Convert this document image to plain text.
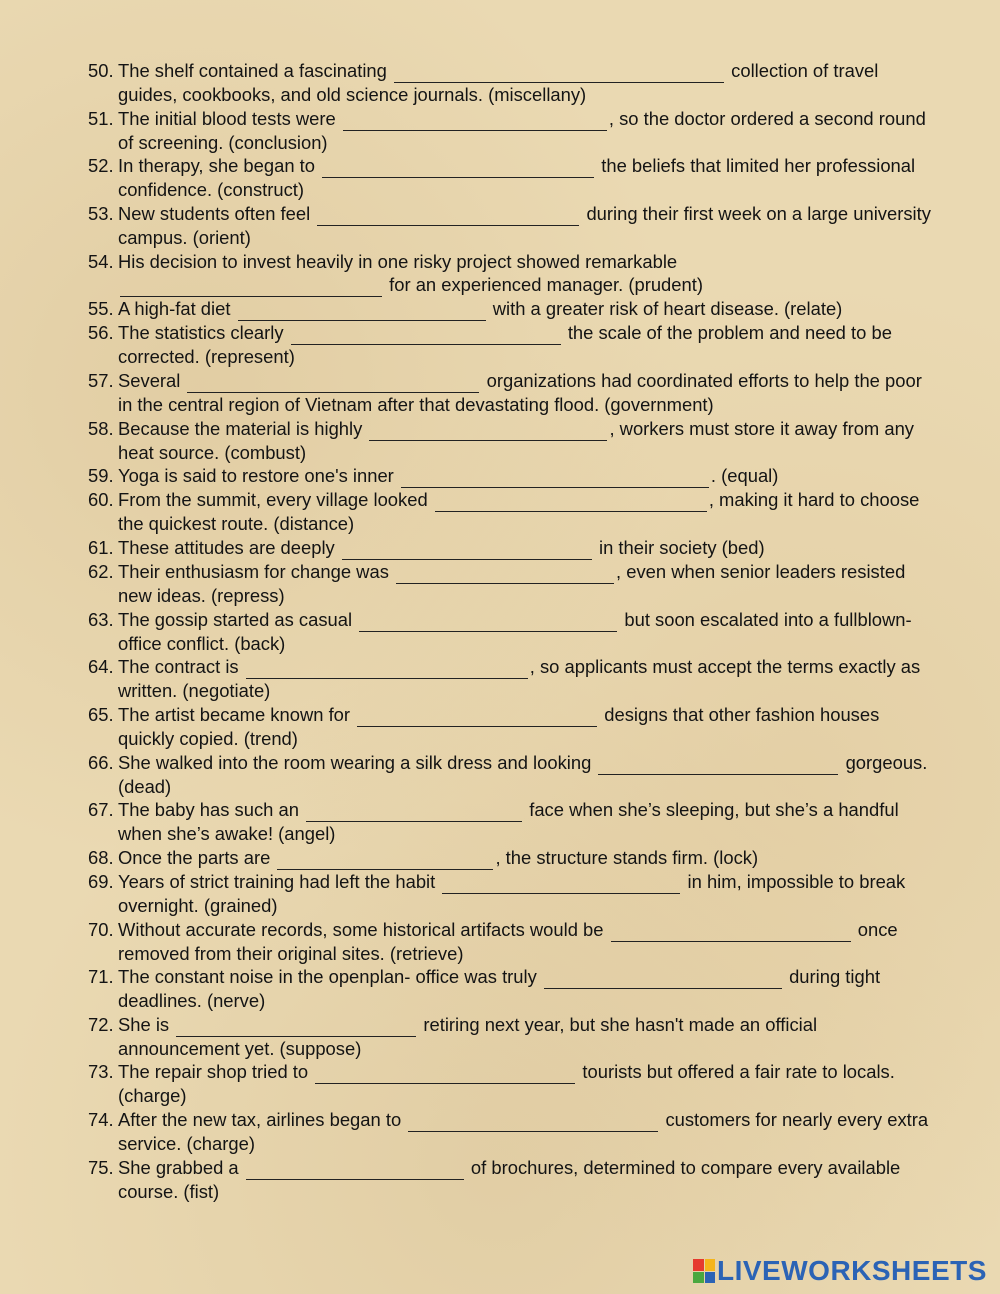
50. The shelf contained a fascinating	collection of travel guides, cookbooks, and old science journals. (miscellany)
51. The initial blood tests were	, so the doctor ordered a second round of screening. (conclusion)
52. In therapy, she began to	the beliefs that limited her professional confidence. (construct)
53. New students often feel	during their first week on a large university campus. (orient)
54. His decision to invest heavily in one risky project showed remarkable  for an experienced manager. (prudent)
55. A high-fat diet	with a greater risk of heart disease. (relate)
56. The statistics clearly	the scale of the problem and need to be corrected. (represent)
57. Several	organizations had coordinated efforts to help the poor in the central region of Vietnam after that devastating flood. (government)
58. Because the material is highly	, workers must store it away from any heat source. (combust)
59. Yoga is said to restore one's inner	. (equal)
60. From the summit, every village looked	, making it hard to choose the quickest route. (distance)
61. These attitudes are deeply	in their society (bed)
62. Their enthusiasm for change was	, even when senior leaders resisted new ideas. (repress)
63. The gossip started as casual	but soon escalated into a fullblown- office conflict. (back)
64. The contract is	, so applicants must accept the terms exactly as written. (negotiate)
65. The artist became known for	designs that other fashion houses quickly copied. (trend)
66. She walked into the room wearing a silk dress and looking	gorgeous. (dead)
67. The baby has such an	face when she’s sleeping, but she’s a handful when she’s awake! (angel)
68. Once the parts are	, the structure stands firm. (lock)
69. Years of strict training had left the habit	in him, impossible to break overnight. (grained)
70. Without accurate records, some historical artifacts would be	once removed from their original sites. (retrieve)
71. The constant noise in the openplan- office was truly	during tight deadlines. (nerve)
72. She is	retiring next year, but she hasn't made an official announcement yet. (suppose)
73. The repair shop tried to	tourists but offered a fair rate to locals. (charge)
74. After the new tax, airlines began to	customers for nearly every extra service. (charge)
75. She grabbed a	of brochures, determined to compare every available course. (fist)
LIVEWORKSHEETS
